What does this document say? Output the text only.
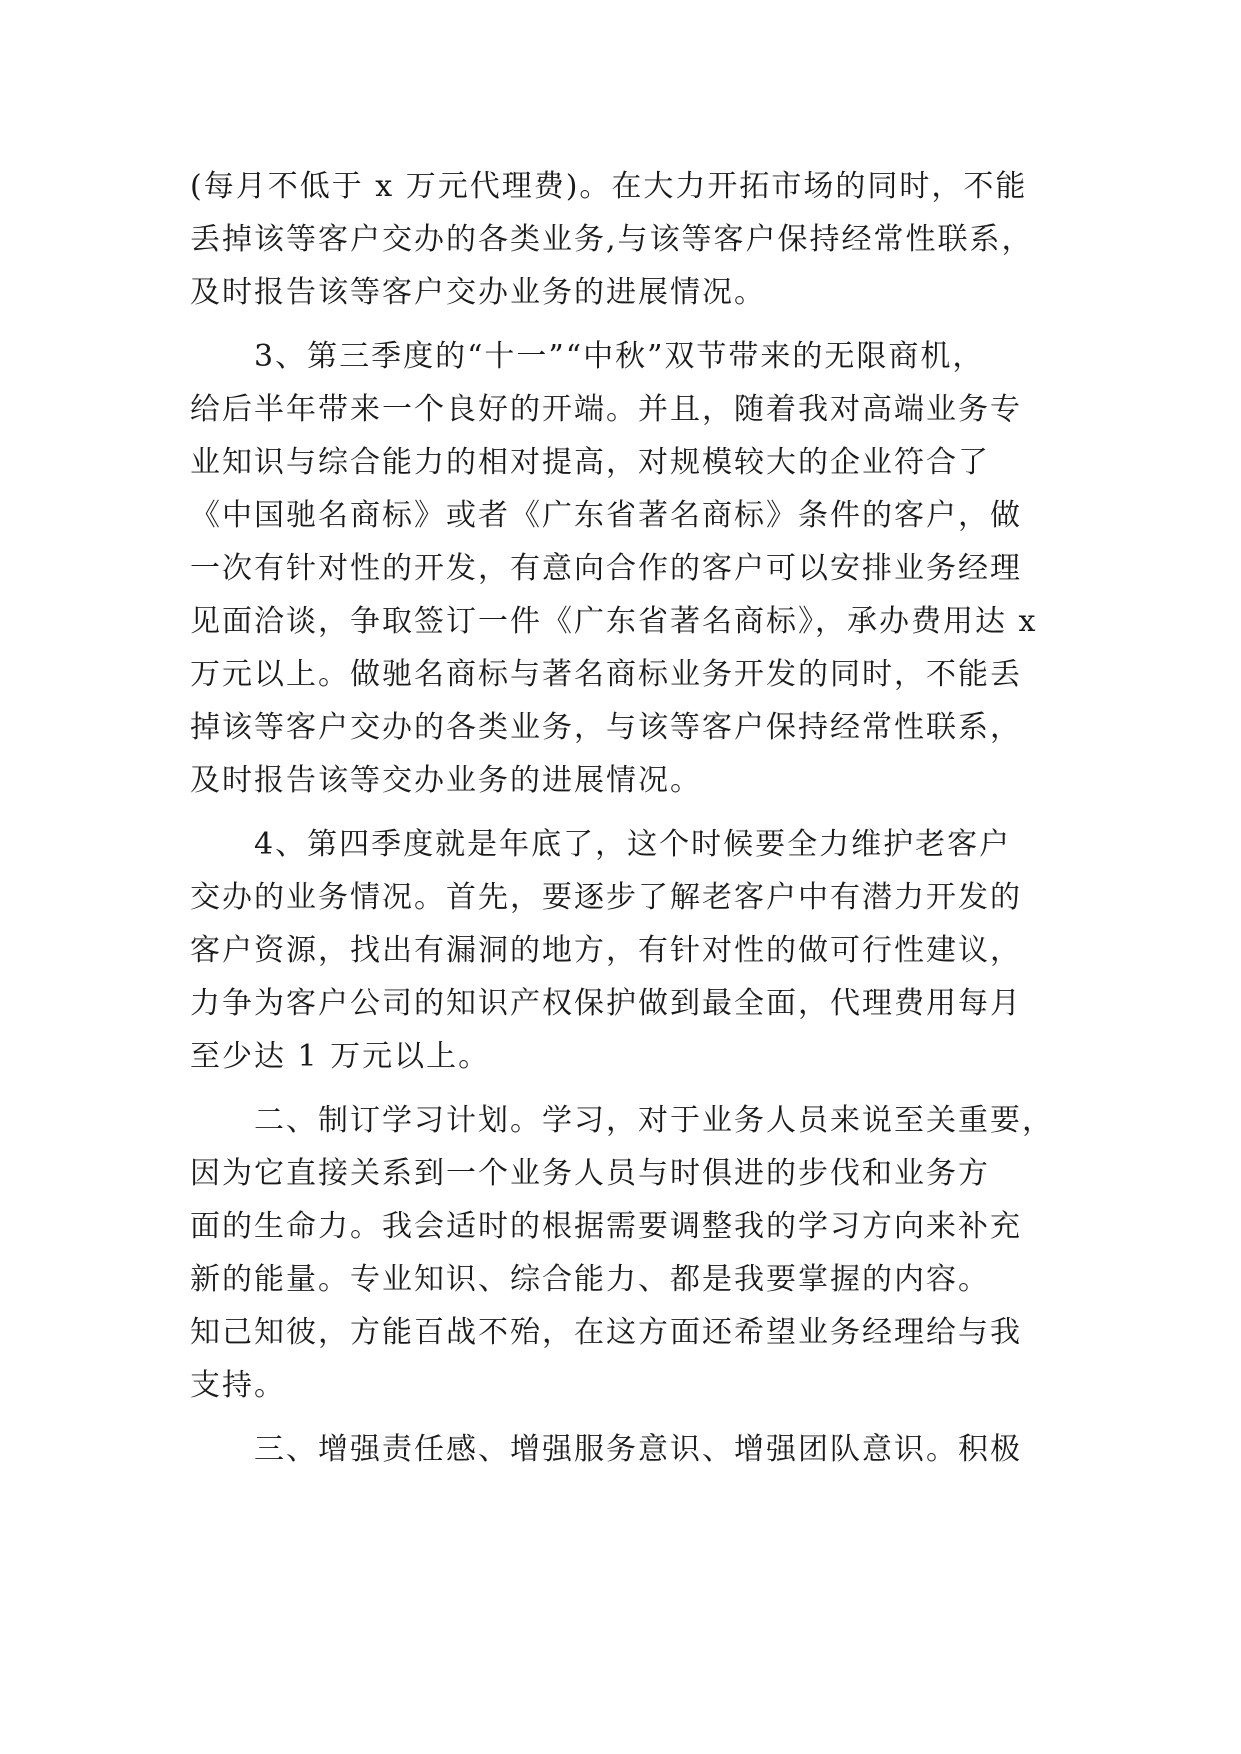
(每月不低于 x 万元代理费)。在大力开拓市场的同时，不能
丢掉该等客户交办的各类业务,与该等客户保持经常性联系，
及时报告该等客户交办业务的进展情况。
3、第三季度的“十一”“中秋”双节带来的无限商机，
给后半年带来一个良好的开端。并且，随着我对高端业务专
业知识与综合能力的相对提高，对规模较大的企业符合了
《中国驰名商标》或者《广东省著名商标》条件的客户，做
一次有针对性的开发，有意向合作的客户可以安排业务经理
见面洽谈，争取签订一件《广东省著名商标》，承办费用达 x
万元以上。做驰名商标与著名商标业务开发的同时，不能丢
掉该等客户交办的各类业务，与该等客户保持经常性联系，
及时报告该等交办业务的进展情况。
4、第四季度就是年底了，这个时候要全力维护老客户
交办的业务情况。首先，要逐步了解老客户中有潜力开发的
客户资源，找出有漏洞的地方，有针对性的做可行性建议，
力争为客户公司的知识产权保护做到最全面，代理费用每月
至少达 1 万元以上。
二、制订学习计划。学习，对于业务人员来说至关重要，
因为它直接关系到一个业务人员与时俱进的步伐和业务方
面的生命力。我会适时的根据需要调整我的学习方向来补充
新的能量。专业知识、综合能力、都是我要掌握的内容。
知己知彼，方能百战不殆，在这方面还希望业务经理给与我
支持。
三、增强责任感、增强服务意识、增强团队意识。积极
